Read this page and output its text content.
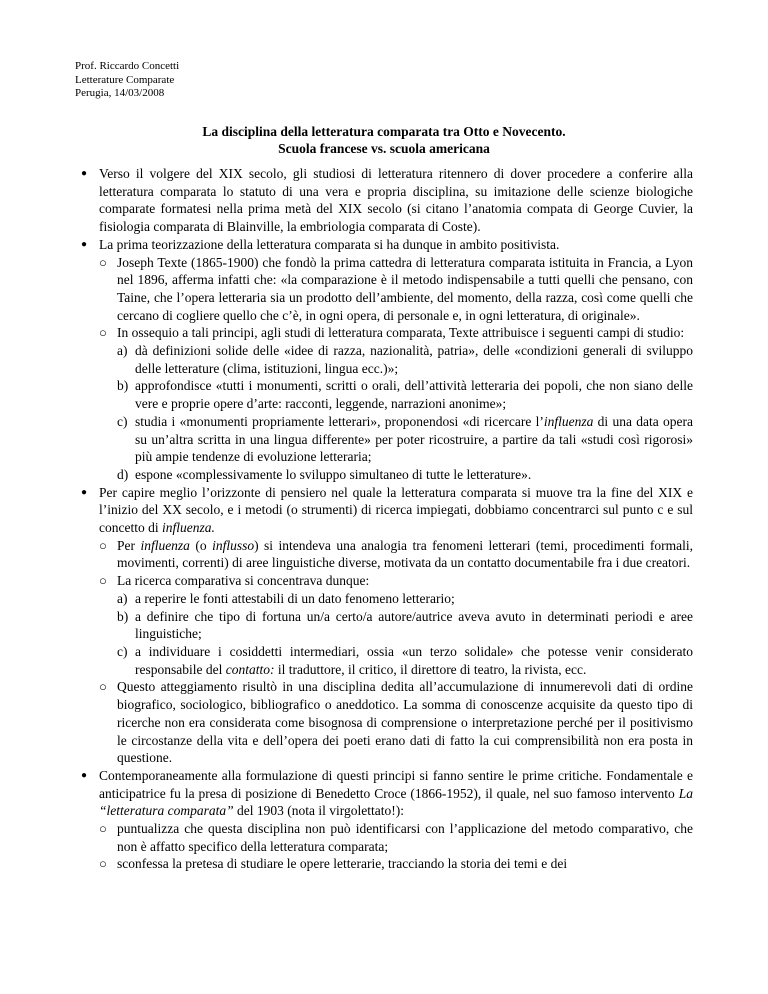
Prof. Riccardo Concetti
Letterature Comparate
Perugia, 14/03/2008
La disciplina della letteratura comparata tra Otto e Novecento.
Scuola francese vs. scuola americana
● Verso il volgere del XIX secolo, gli studiosi di letteratura ritennero di dover procedere a conferire alla letteratura comparata lo statuto di una vera e propria disciplina, su imitazione delle scienze biologiche comparate formatesi nella prima metà del XIX secolo (si citano l’anatomia compata di George Cuvier, la fisiologia comparata di Blainville, la embriologia comparata di Coste).
● La prima teorizzazione della letteratura comparata si ha dunque in ambito positivista.
○ Joseph Texte (1865-1900) che fondò la prima cattedra di letteratura comparata istituita in Francia, a Lyon nel 1896, afferma infatti che: «la comparazione è il metodo indispensabile a tutti quelli che pensano, con Taine, che l’opera letteraria sia un prodotto dell’ambiente, del momento, della razza, così come quelli che cercano di cogliere quello che c’è, in ogni opera, di personale e, in ogni letteratura, di originale».
○ In ossequio a tali principi, agli studi di letteratura comparata, Texte attribuisce i seguenti campi di studio:
a) dà definizioni solide delle «idee di razza, nazionalità, patria», delle «condizioni generali di sviluppo delle letterature (clima, istituzioni, lingua ecc.)»;
b) approfondisce «tutti i monumenti, scritti o orali, dell’attività letteraria dei popoli, che non siano delle vere e proprie opere d’arte: racconti, leggende, narrazioni anonime»;
c) studia i «monumenti propriamente letterari», proponendosi «di ricercare l’influenza di una data opera su un’altra scritta in una lingua differente» per poter ricostruire, a partire da tali «studi così rigorosi» più ampie tendenze di evoluzione letteraria;
d) espone «complessivamente lo sviluppo simultaneo di tutte le letterature».
● Per capire meglio l’orizzonte di pensiero nel quale la letteratura comparata si muove tra la fine del XIX e l’inizio del XX secolo, e i metodi (o strumenti) di ricerca impiegati, dobbiamo concentrarci sul punto c e sul concetto di influenza.
○ Per influenza (o influsso) si intendeva una analogia tra fenomeni letterari (temi, procedimenti formali, movimenti, correnti) di aree linguistiche diverse, motivata da un contatto documentabile fra i due creatori.
○ La ricerca comparativa si concentrava dunque:
a) a reperire le fonti attestabili di un dato fenomeno letterario;
b) a definire che tipo di fortuna un/a certo/a autore/autrice aveva avuto in determinati periodi e aree linguistiche;
c) a individuare i cosiddetti intermediari, ossia «un terzo solidale» che potesse venir considerato responsabile del contatto: il traduttore, il critico, il direttore di teatro, la rivista, ecc.
○ Questo atteggiamento risultò in una disciplina dedita all’accumulazione di innumerevoli dati di ordine biografico, sociologico, bibliografico o aneddotico. La somma di conoscenze acquisite da questo tipo di ricerche non era considerata come bisognosa di comprensione o interpretazione perché per il positivismo le circostanze della vita e dell’opera dei poeti erano dati di fatto la cui comprensibilità non era posta in questione.
● Contemporaneamente alla formulazione di questi principi si fanno sentire le prime critiche. Fondamentale e anticipatrice fu la presa di posizione di Benedetto Croce (1866-1952), il quale, nel suo famoso intervento La “letteratura comparata” del 1903 (nota il virgolettato!):
○ puntualizza che questa disciplina non può identificarsi con l’applicazione del metodo comparativo, che non è affatto specifico della letteratura comparata;
○ sconfessa la pretesa di studiare le opere letterarie, tracciando la storia dei temi e dei
